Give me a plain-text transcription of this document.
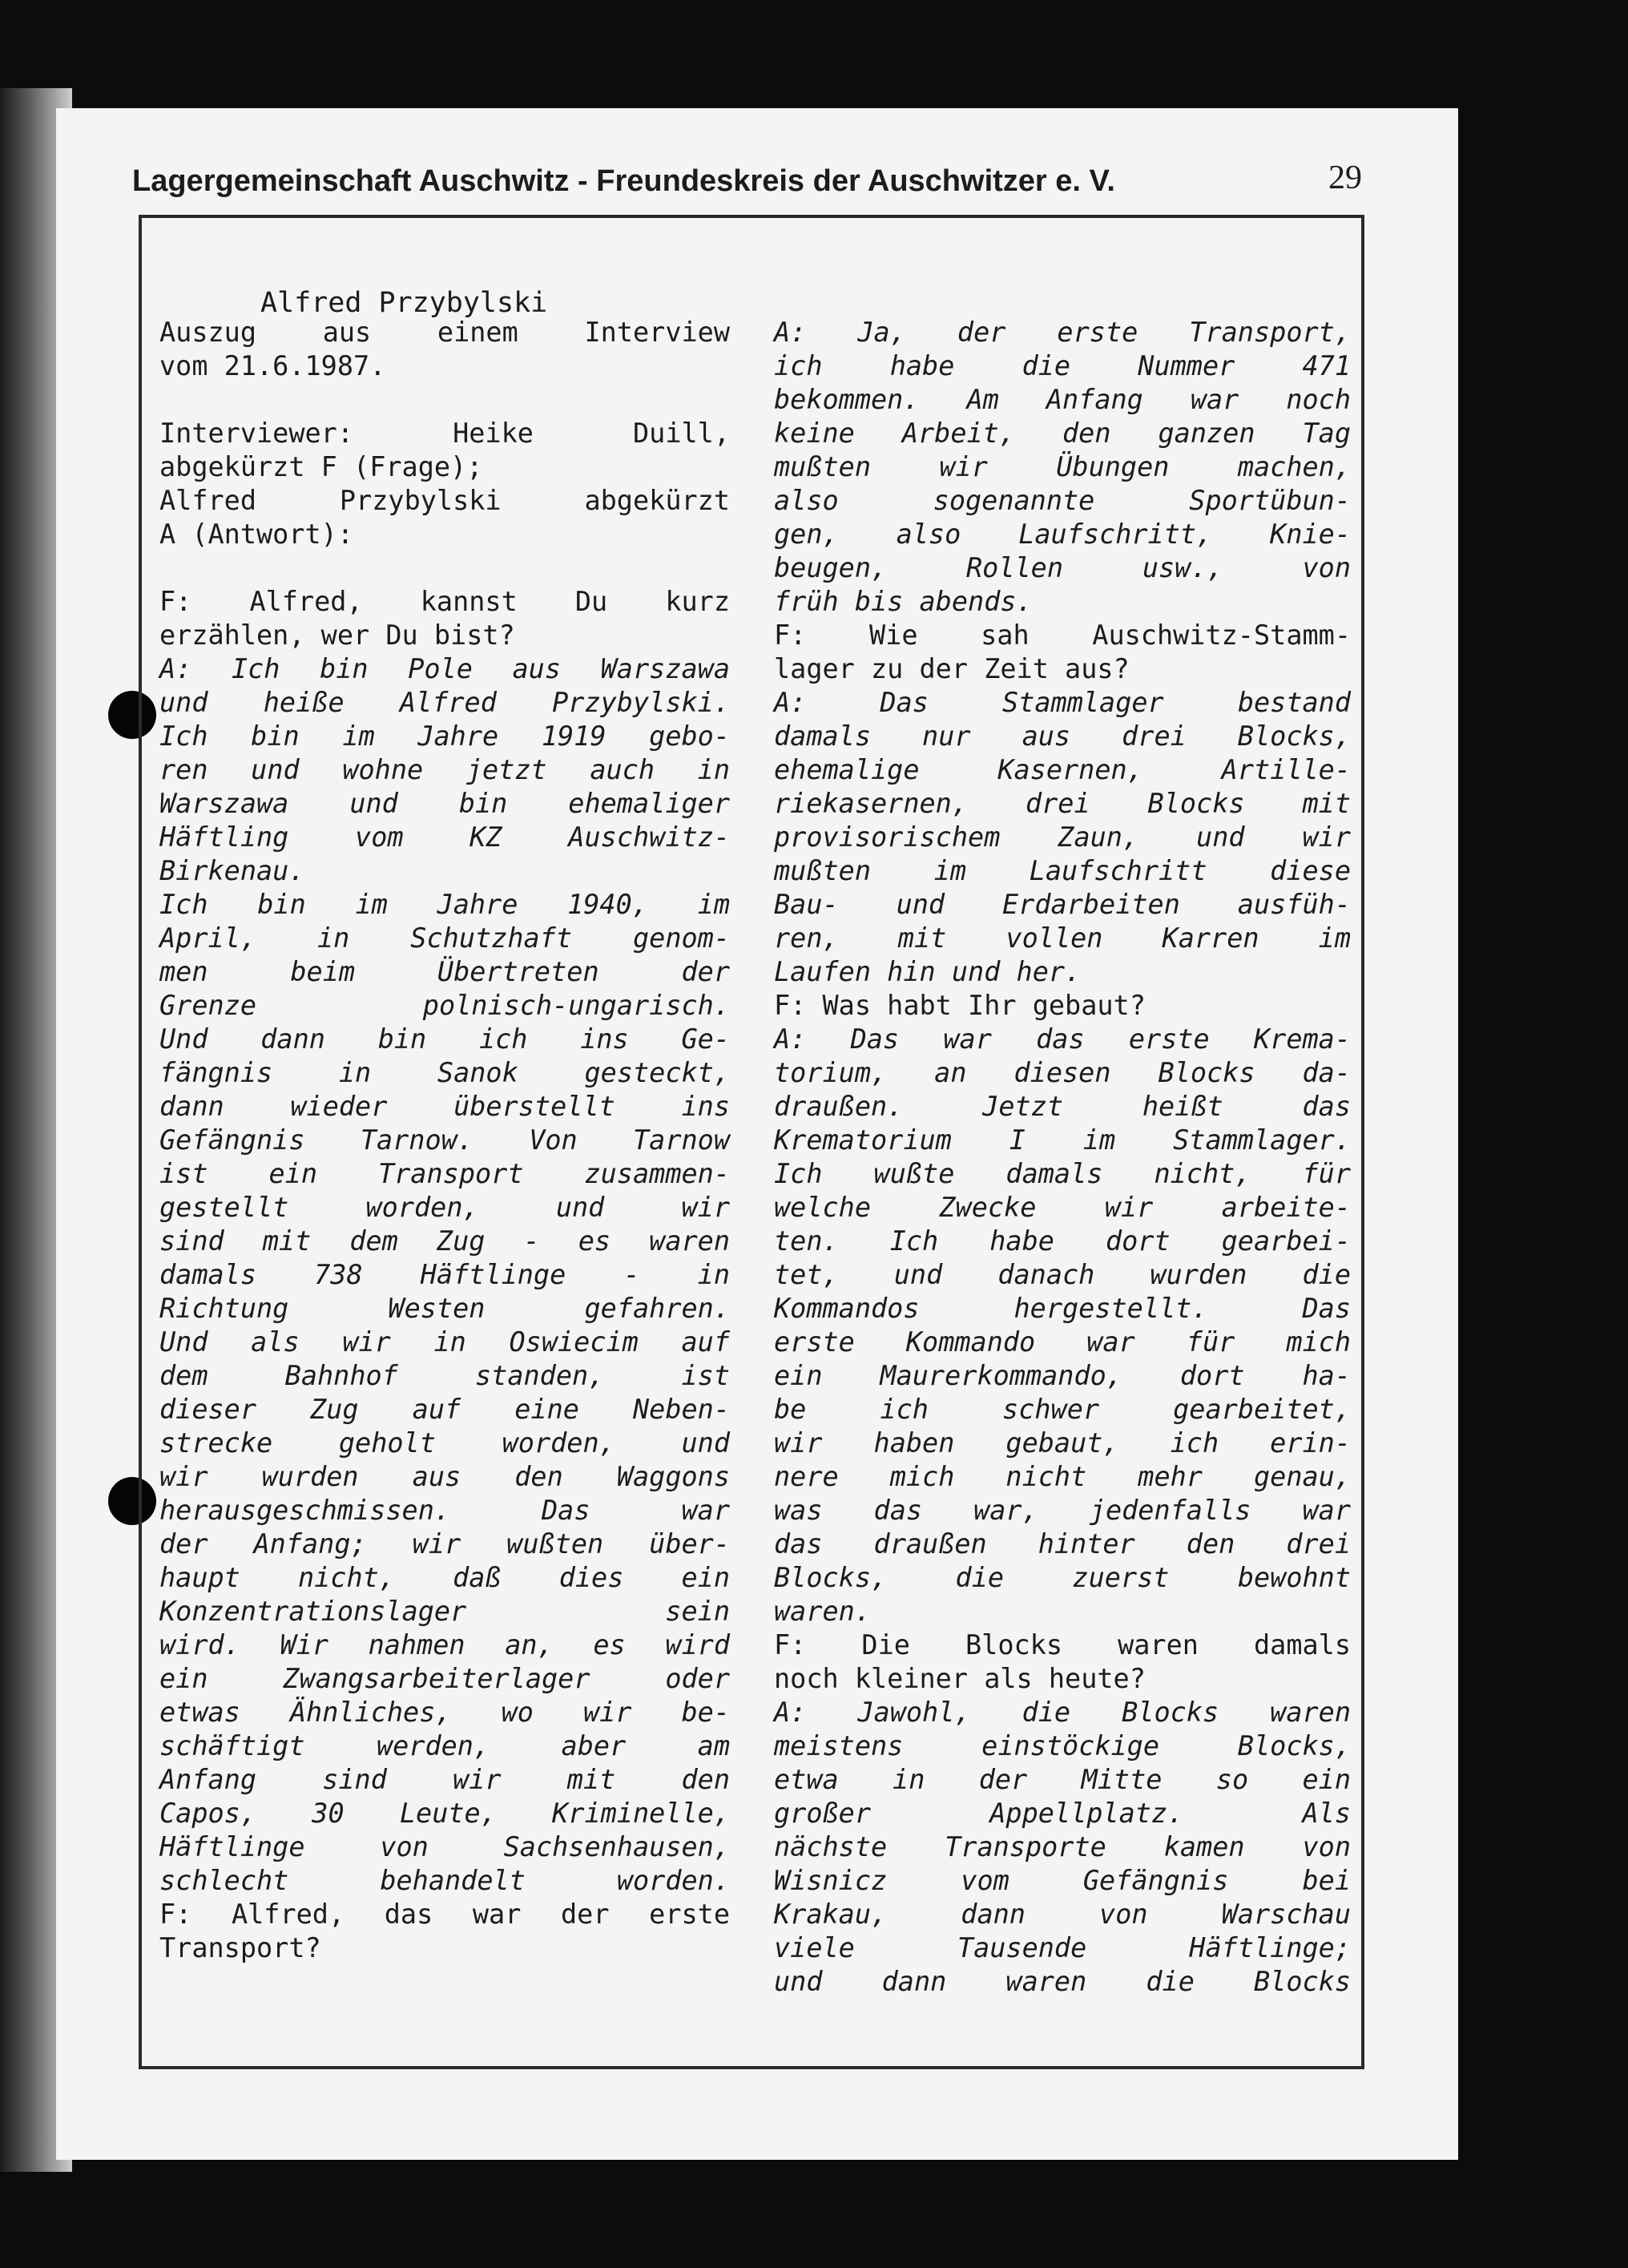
Lagergemeinschaft Auschwitz - Freundeskreis der Auschwitzer e. V.	29
Alfred Przybylski
Auszug aus einem Interview
vom 21.6.1987.
Interviewer: Heike Duill,
abgekürzt F (Frage);
Alfred Przybylski abgekürzt
A (Antwort):
F: Alfred, kannst Du kurz
erzählen, wer Du bist?
A: Ich bin Pole aus Warszawa
und heiße Alfred Przybylski.
Ich bin im Jahre 1919 gebo-
ren und wohne jetzt auch in
Warszawa und bin ehemaliger
Häftling vom KZ Auschwitz-
Birkenau.
Ich bin im Jahre 1940, im
April, in Schutzhaft genom-
men beim Übertreten der
Grenze polnisch-ungarisch.
Und dann bin ich ins Ge-
fängnis in Sanok gesteckt,
dann wieder überstellt ins
Gefängnis Tarnow. Von Tarnow
ist ein Transport zusammen-
gestellt worden, und wir
sind mit dem Zug - es waren
damals 738 Häftlinge - in
Richtung Westen gefahren.
Und als wir in Oswiecim auf
dem Bahnhof standen, ist
dieser Zug auf eine Neben-
strecke geholt worden, und
wir wurden aus den Waggons
herausgeschmissen. Das war
der Anfang; wir wußten über-
haupt nicht, daß dies ein
Konzentrationslager sein
wird. Wir nahmen an, es wird
ein Zwangsarbeiterlager oder
etwas Ähnliches, wo wir be-
schäftigt werden, aber am
Anfang sind wir mit den
Capos, 30 Leute, Kriminelle,
Häftlinge von Sachsenhausen,
schlecht behandelt worden.
F: Alfred, das war der erste
Transport?
A: Ja, der erste Transport,
ich habe die Nummer 471
bekommen. Am Anfang war noch
keine Arbeit, den ganzen Tag
mußten wir Übungen machen,
also sogenannte Sportübun-
gen, also Laufschritt, Knie-
beugen, Rollen usw., von
früh bis abends.
F: Wie sah Auschwitz-Stamm-
lager zu der Zeit aus?
A: Das Stammlager bestand
damals nur aus drei Blocks,
ehemalige Kasernen, Artille-
riekasernen, drei Blocks mit
provisorischem Zaun, und wir
mußten im Laufschritt diese
Bau- und Erdarbeiten ausfüh-
ren, mit vollen Karren im
Laufen hin und her.
F: Was habt Ihr gebaut?
A: Das war das erste Krema-
torium, an diesen Blocks da-
draußen. Jetzt heißt das
Krematorium I im Stammlager.
Ich wußte damals nicht, für
welche Zwecke wir arbeite-
ten. Ich habe dort gearbei-
tet, und danach wurden die
Kommandos hergestellt. Das
erste Kommando war für mich
ein Maurerkommando, dort ha-
be ich schwer gearbeitet,
wir haben gebaut, ich erin-
nere mich nicht mehr genau,
was das war, jedenfalls war
das draußen hinter den drei
Blocks, die zuerst bewohnt
waren.
F: Die Blocks waren damals
noch kleiner als heute?
A: Jawohl, die Blocks waren
meistens einstöckige Blocks,
etwa in der Mitte so ein
großer Appellplatz. Als
nächste Transporte kamen von
Wisnicz vom Gefängnis bei
Krakau, dann von Warschau
viele Tausende Häftlinge;
und dann waren die Blocks
